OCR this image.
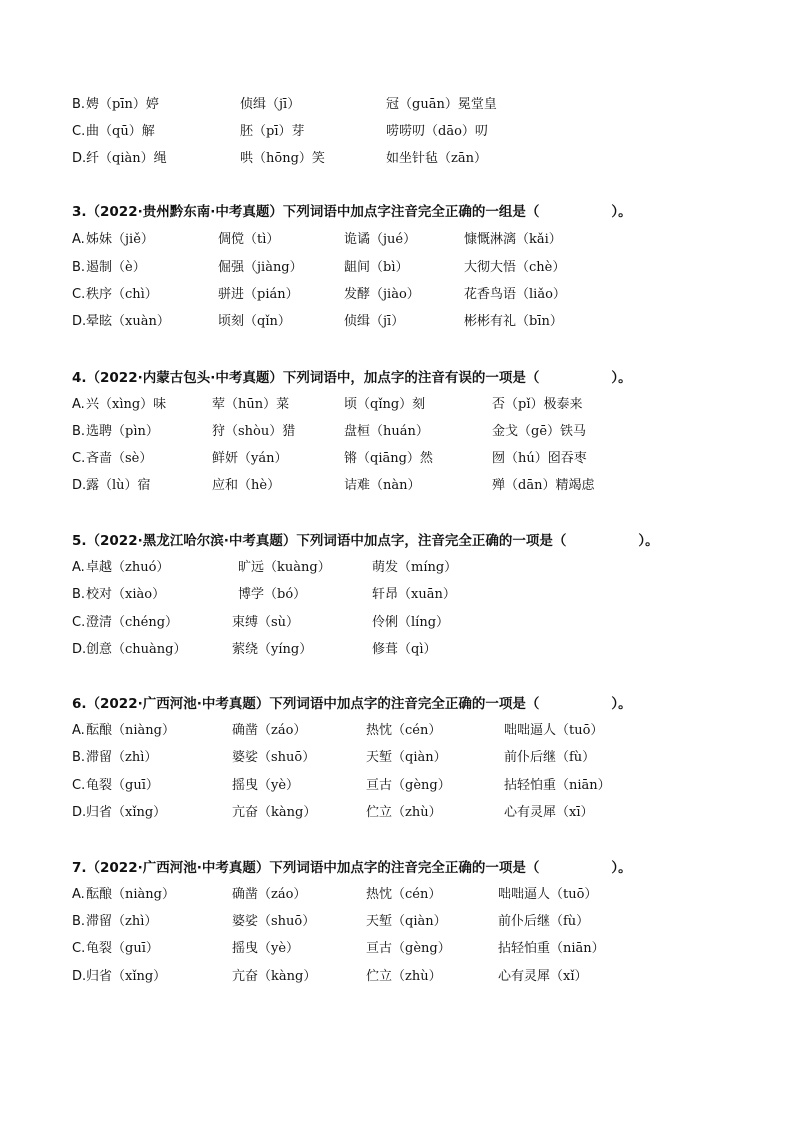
B. 娉（pīn）婷	侦缉（jī）	冠（guān）冕堂皇
C. 曲（qū）解	胚（pī）芽	唠唠叨（dāo）叨
D. 纤（qiàn）绳	哄（hōng）笑	如坐针毡（zān）
3.（2022·贵州黔东南·中考真题）下列词语中加点字注音完全正确的一组是（	）。
A. 姊妹（jiě）	倜傥（tì）	诡谲（jué）	慷慨淋漓（kǎi）
B. 遏制（è）	倔强（jiàng）	龃间（bì）	大彻大悟（chè）
C. 秩序（chì）	骈进（pián）	发酵（jiào）	花香鸟语（liǎo）
D. 晕眩（xuàn）	顷刻（qǐn）	侦缉（jī）	彬彬有礼（bīn）
4.（2022·内蒙古包头·中考真题）下列词语中，加点字的注音有误的一项是（	）。
A. 兴（xìng）味	荤（hūn）菜	顷（qǐng）刻	否（pǐ）极泰来
B. 选聘（pìn）	狩（shòu）猎	盘桓（huán）	金戈（gē）铁马
C. 吝啬（sè）	鲜妍（yán）	锵（qiāng）然	囫（hú）囵吞枣
D. 露（lù）宿	应和（hè）	诘难（nàn）	殚（dān）精竭虑
5.（2022·黑龙江哈尔滨·中考真题）下列词语中加点字，注音完全正确的一项是（	）。
A. 卓越（zhuó）	旷远（kuàng）	萌发（míng）
B. 校对（xiào）	博学（bó）	轩昂（xuān）
C. 澄清（chéng）	束缚（sù）	伶俐（líng）
D. 创意（chuàng）	萦绕（yíng）	修葺（qì）
6.（2022·广西河池·中考真题）下列词语中加点字的注音完全正确的一项是（	）。
A. 酝酿（niàng）	确凿（záo）	热忱（cén）	咄咄逼人（tuō）
B. 滞留（zhì）	婆娑（shuō）	天堑（qiàn）	前仆后继（fù）
C. 龟裂（guī）	摇曳（yè）	亘古（gèng）	拈轻怕重（niān）
D. 归省（xǐng）	亢奋（kàng）	伫立（zhù）	心有灵犀（xī）
7.（2022·广西河池·中考真题）下列词语中加点字的注音完全正确的一项是（	）。
A. 酝酿（niàng）	确凿（záo）	热忱（cén）	咄咄逼人（tuō）
B. 滞留（zhì）	婆娑（shuō）	天堑（qiàn）	前仆后继（fù）
C. 龟裂（guī）	摇曳（yè）	亘古（gèng）	拈轻怕重（niān）
D. 归省（xǐng）	亢奋（kàng）	伫立（zhù）	心有灵犀（xǐ）
